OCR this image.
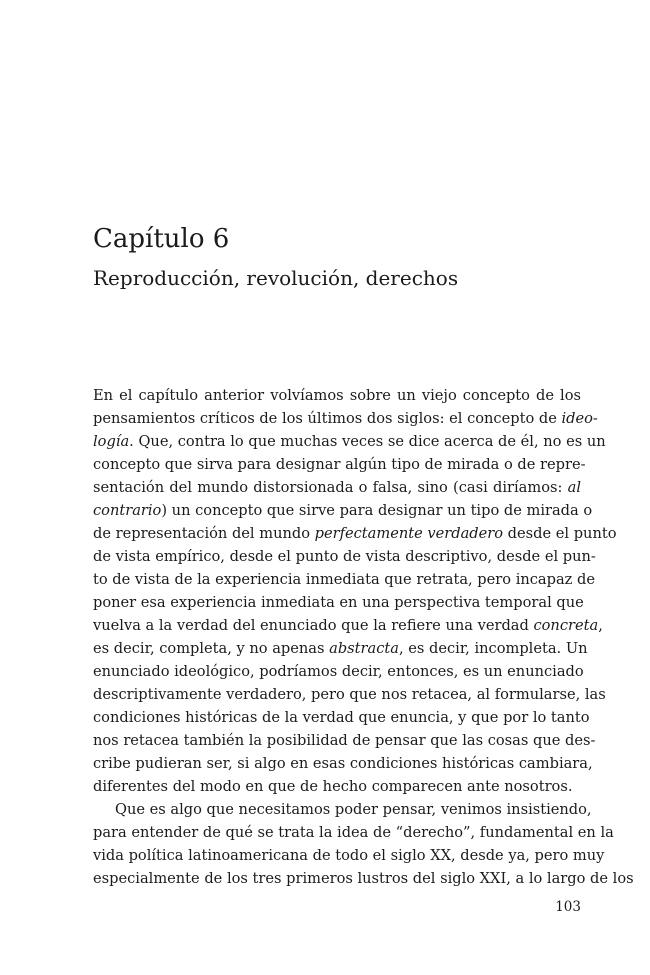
Capítulo 6
Reproducción, revolución, derechos
En el capítulo anterior volvíamos sobre un viejo concepto de los
pensamientos críticos de los últimos dos siglos: el concepto de ideo-
logía. Que, contra lo que muchas veces se dice acerca de él, no es un
concepto que sirva para designar algún tipo de mirada o de repre-
sentación del mundo distorsionada o falsa, sino (casi diríamos: al
contrario) un concepto que sirve para designar un tipo de mirada o
de representación del mundo perfectamente verdadero desde el punto
de vista empírico, desde el punto de vista descriptivo, desde el pun-
to de vista de la experiencia inmediata que retrata, pero incapaz de
poner esa experiencia inmediata en una perspectiva temporal que
vuelva a la verdad del enunciado que la refiere una verdad concreta,
es decir, completa, y no apenas abstracta, es decir, incompleta. Un
enunciado ideológico, podríamos decir, entonces, es un enunciado
descriptivamente verdadero, pero que nos retacea, al formularse, las
condiciones históricas de la verdad que enuncia, y que por lo tanto
nos retacea también la posibilidad de pensar que las cosas que des-
cribe pudieran ser, si algo en esas condiciones históricas cambiara,
diferentes del modo en que de hecho comparecen ante nosotros.
Que es algo que necesitamos poder pensar, venimos insistiendo,
para entender de qué se trata la idea de “derecho”, fundamental en la
vida política latinoamericana de todo el siglo XX, desde ya, pero muy
especialmente de los tres primeros lustros del siglo XXI, a lo largo de los
103
